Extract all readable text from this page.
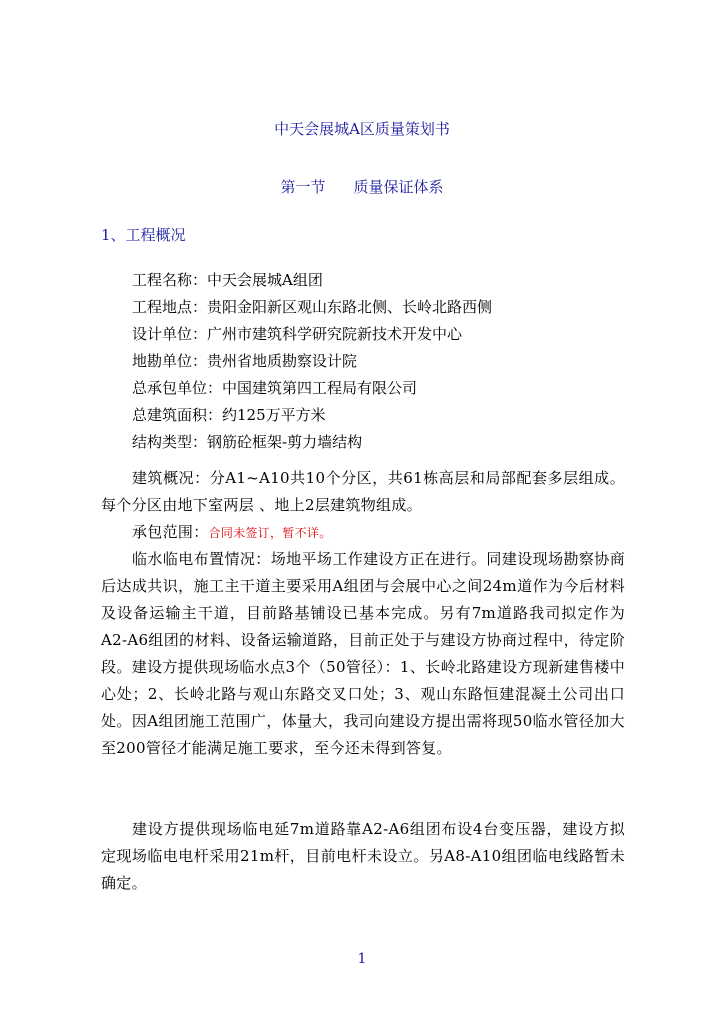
中天会展城A区质量策划书
第一节 质量保证体系
1、工程概况
工程名称：中天会展城A组团
工程地点：贵阳金阳新区观山东路北侧、长岭北路西侧
设计单位：广州市建筑科学研究院新技术开发中心
地勘单位：贵州省地质勘察设计院
总承包单位：中国建筑第四工程局有限公司
总建筑面积：约125万平方米
结构类型：钢筋砼框架-剪力墙结构
建筑概况：分A1~A10共10个分区，共61栋高层和局部配套多层组成。每个分区由地下室两层 、地上2层建筑物组成。
承包范围：合同未签订，暂不详。
临水临电布置情况：场地平场工作建设方正在进行。同建设现场勘察协商后达成共识，施工主干道主要采用A组团与会展中心之间24m道作为今后材料及设备运输主干道，目前路基铺设已基本完成。另有7m道路我司拟定作为A2-A6组团的材料、设备运输道路，目前正处于与建设方协商过程中，待定阶段。建设方提供现场临水点3个（50管径）：1、长岭北路建设方现新建售楼中心处；2、长岭北路与观山东路交叉口处；3、观山东路恒建混凝土公司出口处。因A组团施工范围广，体量大，我司向建设方提出需将现50临水管径加大至200管径才能满足施工要求，至今还未得到答复。
建设方提供现场临电延7m道路靠A2-A6组团布设4台变压器，建设方拟定现场临电电杆采用21m杆，目前电杆未设立。另A8-A10组团临电线路暂未确定。
1
